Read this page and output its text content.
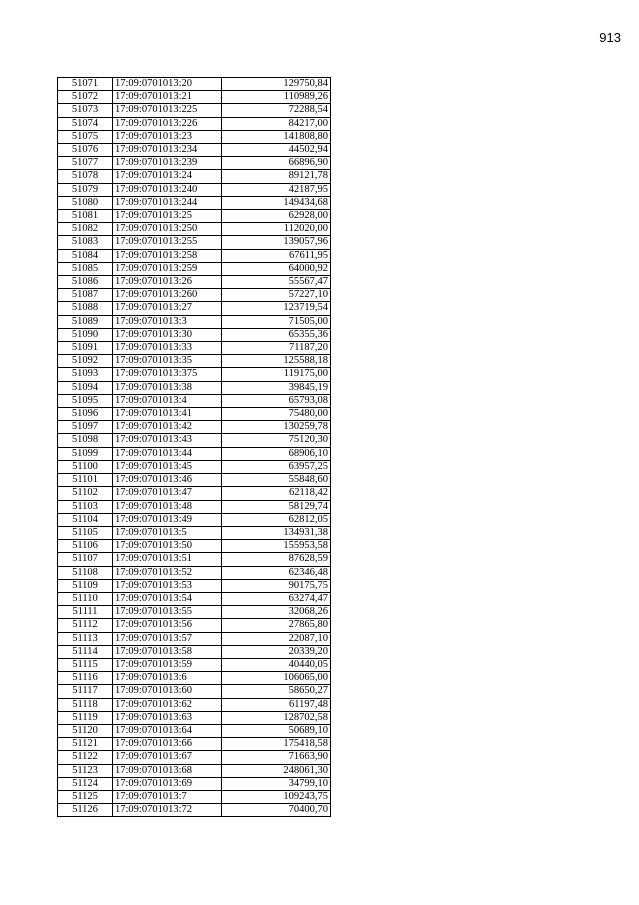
913
51071	17:09:0701013:20	129750,84
51072	17:09:0701013:21	110989,26
51073	17:09:0701013:225	72288,54
51074	17:09:0701013:226	84217,00
51075	17:09:0701013:23	141808,80
51076	17:09:0701013:234	44502,94
51077	17:09:0701013:239	66896,90
51078	17:09:0701013:24	89121,78
51079	17:09:0701013:240	42187,95
51080	17:09:0701013:244	149434,68
51081	17:09:0701013:25	62928,00
51082	17:09:0701013:250	112020,00
51083	17:09:0701013:255	139057,96
51084	17:09:0701013:258	67611,95
51085	17:09:0701013:259	64000,92
51086	17:09:0701013:26	55567,47
51087	17:09:0701013:260	57227,10
51088	17:09:0701013:27	123719,54
51089	17:09:0701013:3	71505,00
51090	17:09:0701013:30	65355,36
51091	17:09:0701013:33	71187,20
51092	17:09:0701013:35	125588,18
51093	17:09:0701013:375	119175,00
51094	17:09:0701013:38	39845,19
51095	17:09:0701013:4	65793,08
51096	17:09:0701013:41	75480,00
51097	17:09:0701013:42	130259,78
51098	17:09:0701013:43	75120,30
51099	17:09:0701013:44	68906,10
51100	17:09:0701013:45	63957,25
51101	17:09:0701013:46	55848,60
51102	17:09:0701013:47	62118,42
51103	17:09:0701013:48	58129,74
51104	17:09:0701013:49	62812,05
51105	17:09:0701013:5	134931,38
51106	17:09:0701013:50	155953,58
51107	17:09:0701013:51	87628,59
51108	17:09:0701013:52	62346,48
51109	17:09:0701013:53	90175,75
51110	17:09:0701013:54	63274,47
51111	17:09:0701013:55	32068,26
51112	17:09:0701013:56	27865,80
51113	17:09:0701013:57	22087,10
51114	17:09:0701013:58	20339,20
51115	17:09:0701013:59	40440,05
51116	17:09:0701013:6	106065,00
51117	17:09:0701013:60	58650,27
51118	17:09:0701013:62	61197,48
51119	17:09:0701013:63	128702,58
51120	17:09:0701013:64	50689,10
51121	17:09:0701013:66	175418,58
51122	17:09:0701013:67	71663,90
51123	17:09:0701013:68	248061,30
51124	17:09:0701013:69	34799,10
51125	17:09:0701013:7	109243,75
51126	17:09:0701013:72	70400,70
